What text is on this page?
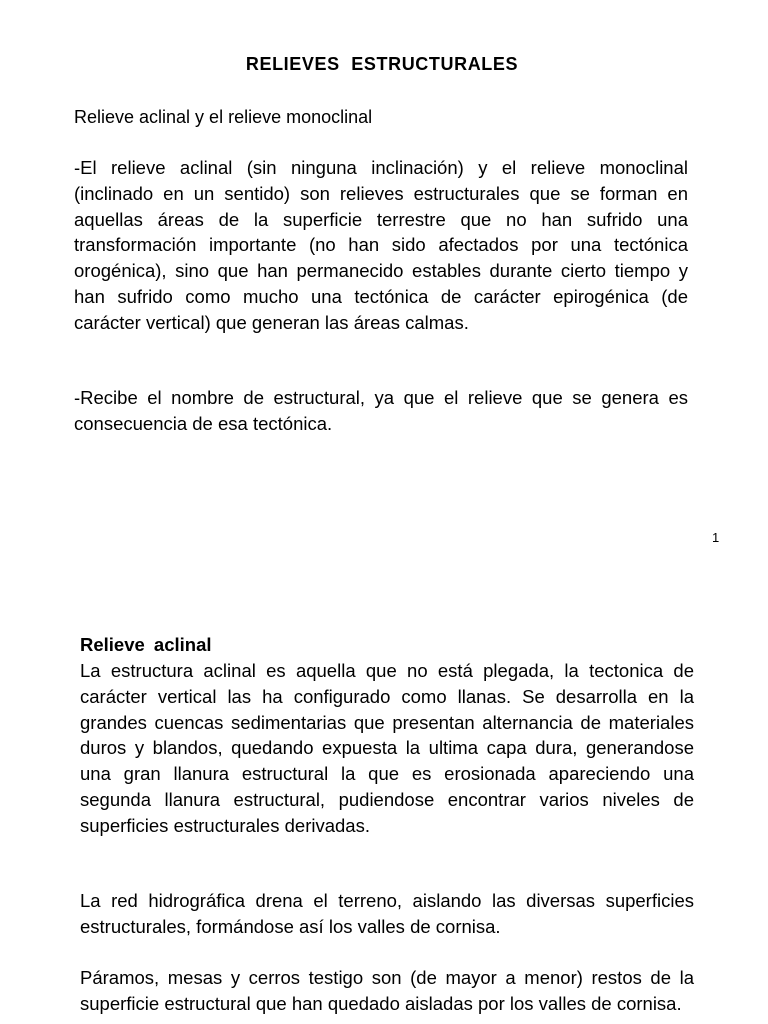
RELIEVES ESTRUCTURALES

Relieve aclinal y el relieve monoclinal

-El relieve aclinal (sin ninguna inclinación) y el relieve monoclinal (inclinado en un sentido) son relieves estructurales que se forman en aquellas áreas de la superficie terrestre que no han sufrido una transformación importante (no han sido afectados por una tectónica orogénica), sino que han permanecido estables durante cierto tiempo y han sufrido como mucho una tectónica de carácter epirogénica (de carácter vertical) que generan las áreas calmas.

-Recibe el nombre de estructural, ya que el relieve que se genera es consecuencia de esa tectónica.

1

Relieve aclinal

La estructura aclinal es aquella que no está plegada, la tectonica de carácter vertical las ha configurado como llanas. Se desarrolla en la grandes cuencas sedimentarias que presentan alternancia de materiales duros y blandos, quedando expuesta la ultima capa dura, generandose una gran llanura estructural la que es erosionada apareciendo una segunda llanura estructural, pudiendose encontrar varios niveles de superficies estructurales derivadas.

La red hidrográfica drena el terreno, aislando las diversas superficies estructurales, formándose así los valles de cornisa.

Páramos, mesas y cerros testigo son (de mayor a menor) restos de la superficie estructural que han quedado aisladas por los valles de cornisa.
